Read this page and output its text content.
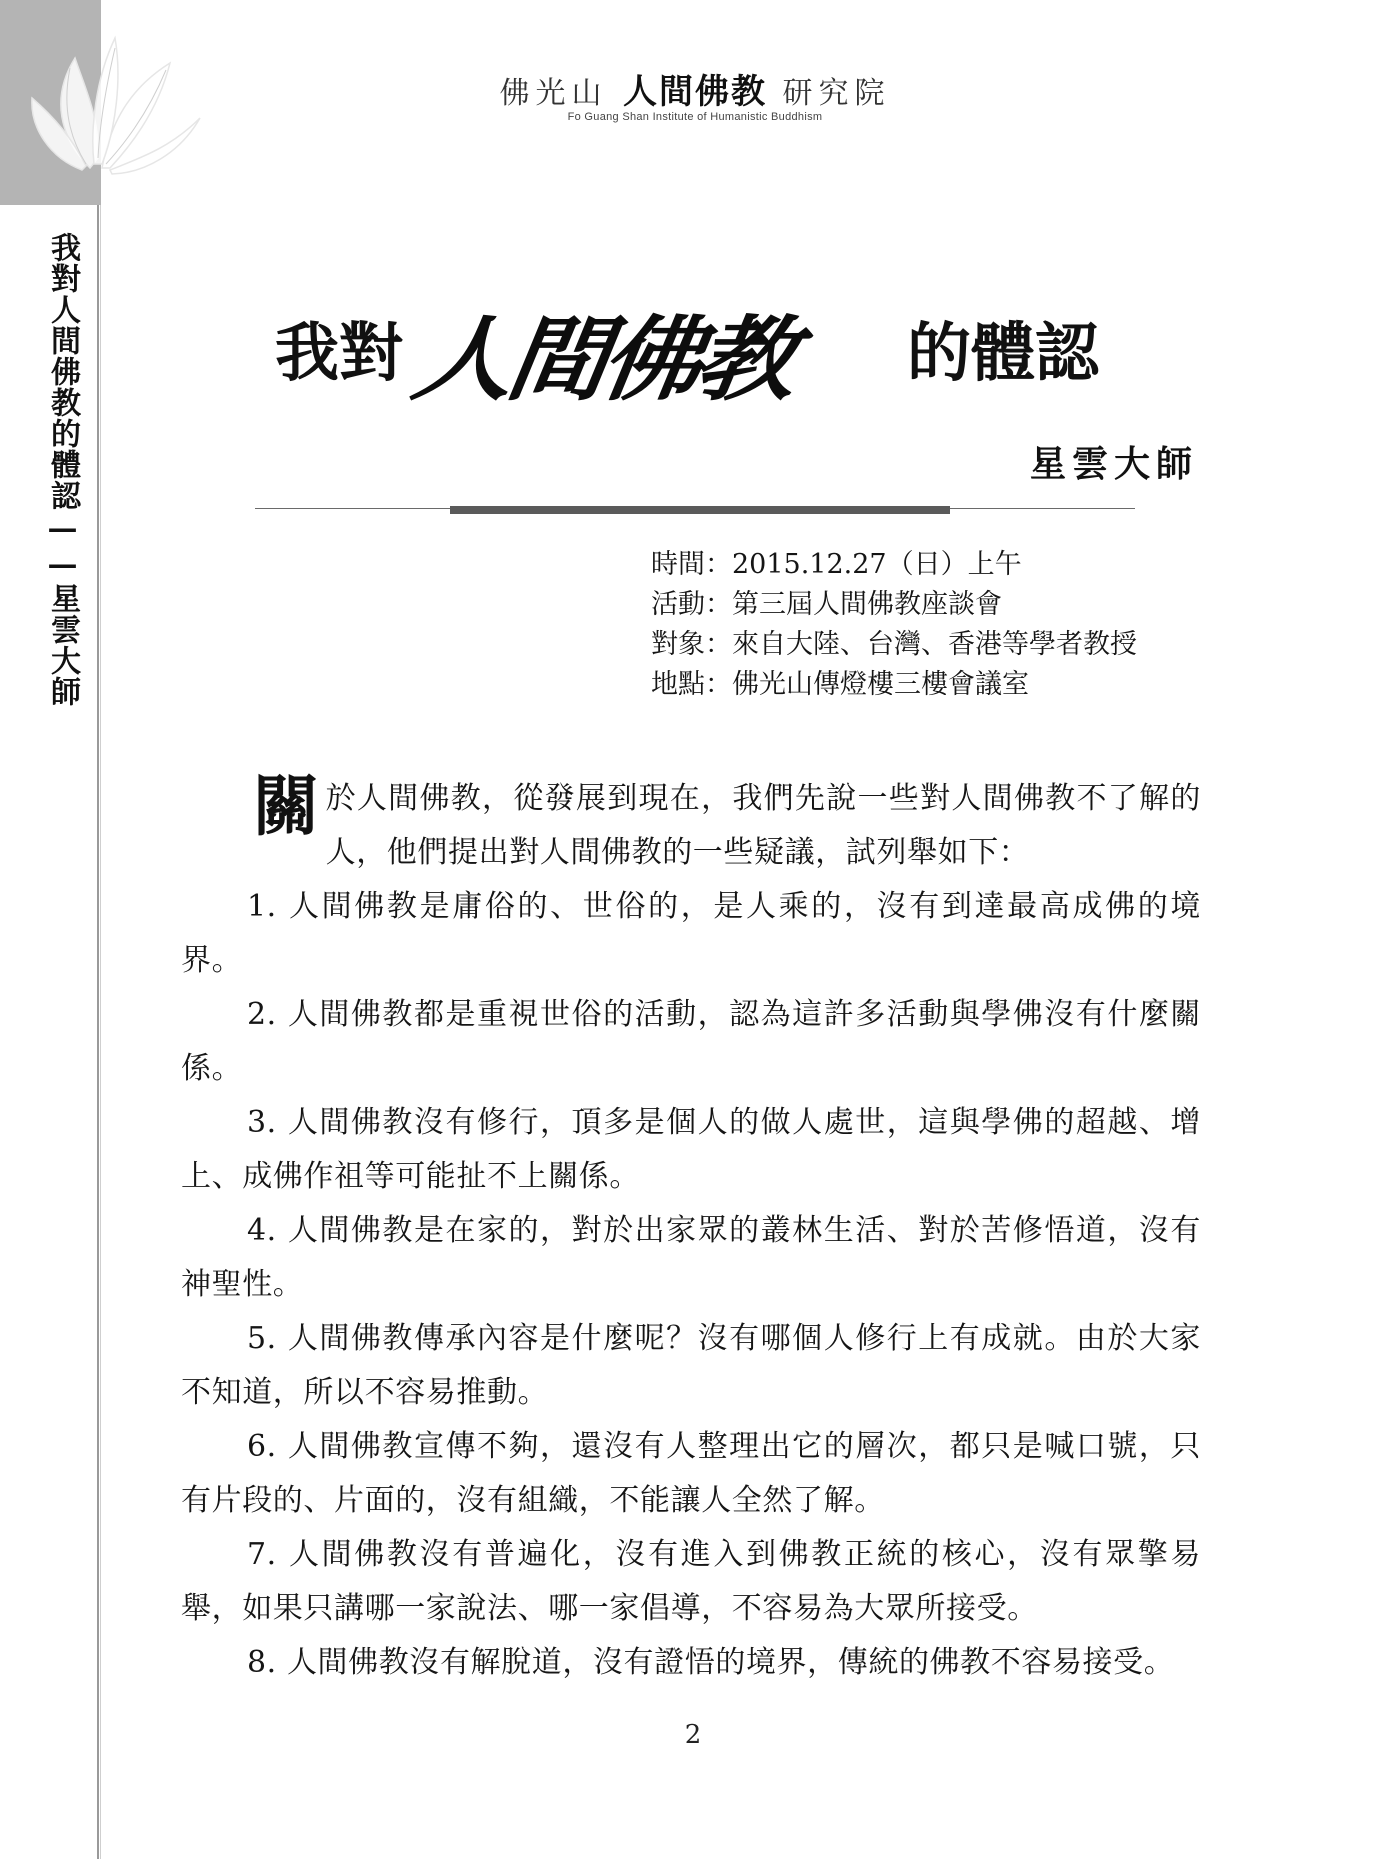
我對人間佛教的體認——星雲大師
佛光山 人間佛教 研究院
Fo Guang Shan Institute of Humanistic Buddhism
我對 人間佛教 的體認
星雲大師
時間：2015.12.27（日）上午
活動：第三屆人間佛教座談會
對象：來自大陸、台灣、香港等學者教授
地點：佛光山傳燈樓三樓會議室

關 於人間佛教，從發展到現在，我們先說一些對人間佛教不了解的人，他們提出對人間佛教的一些疑議，試列舉如下：

1. 人間佛教是庸俗的、世俗的，是人乘的，沒有到達最高成佛的境界。

2. 人間佛教都是重視世俗的活動，認為這許多活動與學佛沒有什麼關係。

3. 人間佛教沒有修行，頂多是個人的做人處世，這與學佛的超越、增上、成佛作祖等可能扯不上關係。

4. 人間佛教是在家的，對於出家眾的叢林生活、對於苦修悟道，沒有神聖性。

5. 人間佛教傳承內容是什麼呢？沒有哪個人修行上有成就。由於大家不知道，所以不容易推動。

6. 人間佛教宣傳不夠，還沒有人整理出它的層次，都只是喊口號，只有片段的、片面的，沒有組織，不能讓人全然了解。

7. 人間佛教沒有普遍化，沒有進入到佛教正統的核心，沒有眾擎易舉，如果只講哪一家說法、哪一家倡導，不容易為大眾所接受。

8. 人間佛教沒有解脫道，沒有證悟的境界，傳統的佛教不容易接受。

2
